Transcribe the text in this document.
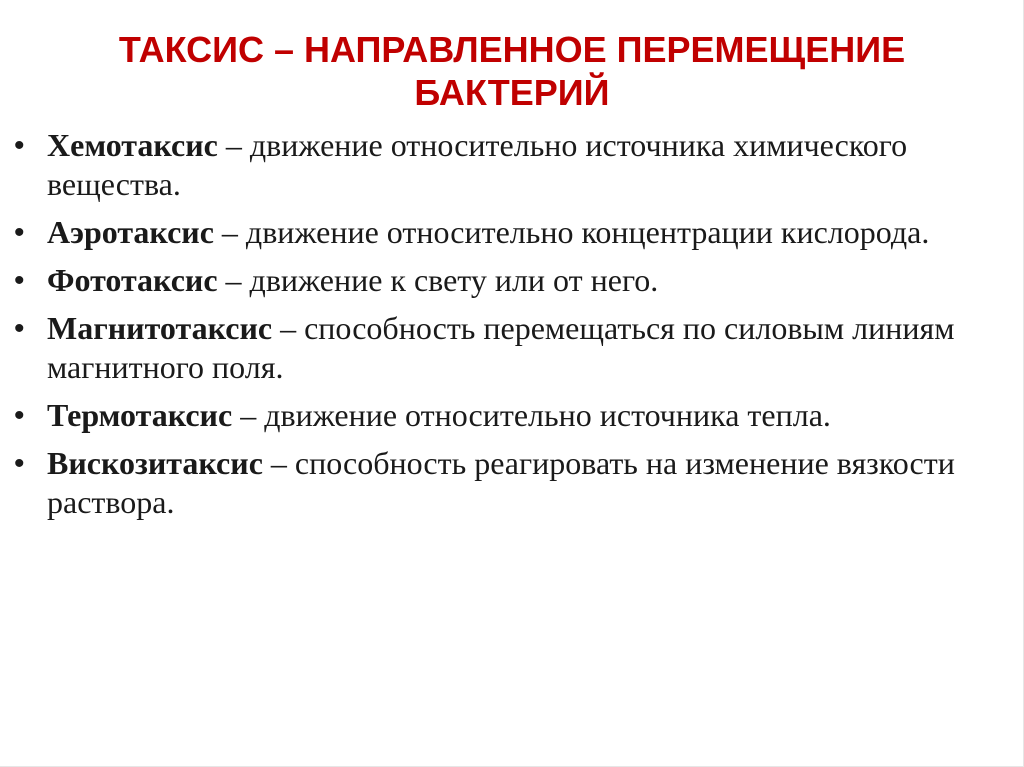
ТАКСИС – НАПРАВЛЕННОЕ ПЕРЕМЕЩЕНИЕ
БАКТЕРИЙ
• Хемотаксис – движение относительно источника химического вещества.
• Аэротаксис – движение относительно концентрации кислорода.
• Фототаксис – движение к свету или от него.
• Магнитотаксис – способность перемещаться по силовым линиям магнитного поля.
• Термотаксис – движение относительно источника тепла.
• Вискозитаксис – способность реагировать на изменение вязкости раствора.
